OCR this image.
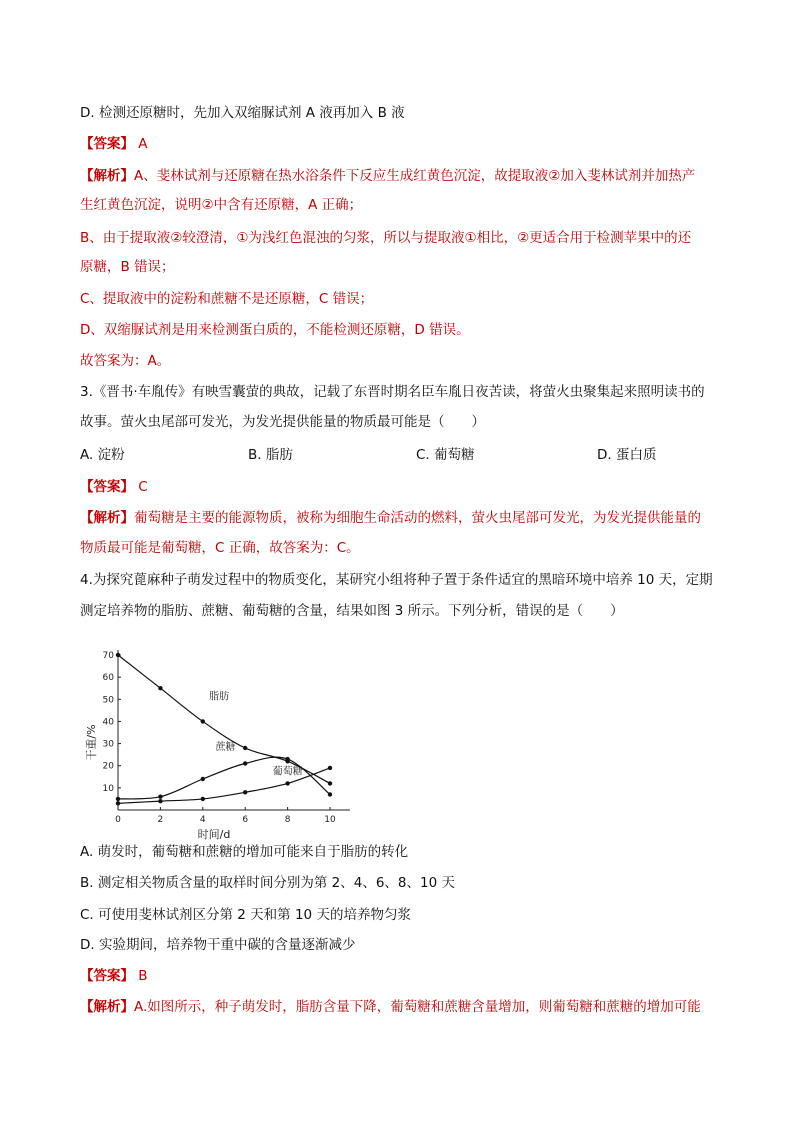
D. 检测还原糖时，先加入双缩脲试剂 A 液再加入 B 液
【答案】 A
【解析】A、斐林试剂与还原糖在热水浴条件下反应生成红黄色沉淀，故提取液②加入斐林试剂并加热产
生红黄色沉淀，说明②中含有还原糖，A 正确；
B、由于提取液②较澄清，①为浅红色混浊的匀浆，所以与提取液①相比，②更适合用于检测苹果中的还
原糖，B 错误；
C、提取液中的淀粉和蔗糖不是还原糖，C 错误；
D、双缩脲试剂是用来检测蛋白质的，不能检测还原糖，D 错误。
故答案为：A。
3.《晋书·车胤传》有映雪囊萤的典故，记载了东晋时期名臣车胤日夜苦读，将萤火虫聚集起来照明读书的
故事。萤火虫尾部可发光，为发光提供能量的物质最可能是（　　）
A. 淀粉	B. 脂肪	C. 葡萄糖	D. 蛋白质
【答案】 C
【解析】葡萄糖是主要的能源物质，被称为细胞生命活动的燃料，萤火虫尾部可发光，为发光提供能量的
物质最可能是葡萄糖，C 正确，故答案为：C。
4.为探究蓖麻种子萌发过程中的物质变化，某研究小组将种子置于条件适宜的黑暗环境中培养 10 天，定期
测定培养物的脂肪、蔗糖、葡萄糖的含量，结果如图 3 所示。下列分析，错误的是（　　）
0	2	4	6	8	10
10
20
30
40
50
60
70
脂肪
蔗糖
葡萄糖
时间/d
干重/%
A. 萌发时，葡萄糖和蔗糖的增加可能来自于脂肪的转化
B. 测定相关物质含量的取样时间分别为第 2、4、6、8、10 天
C. 可使用斐林试剂区分第 2 天和第 10 天的培养物匀浆
D. 实验期间，培养物干重中碳的含量逐渐减少
【答案】 B
【解析】A.如图所示，种子萌发时，脂肪含量下降，葡萄糖和蔗糖含量增加，则葡萄糖和蔗糖的增加可能
